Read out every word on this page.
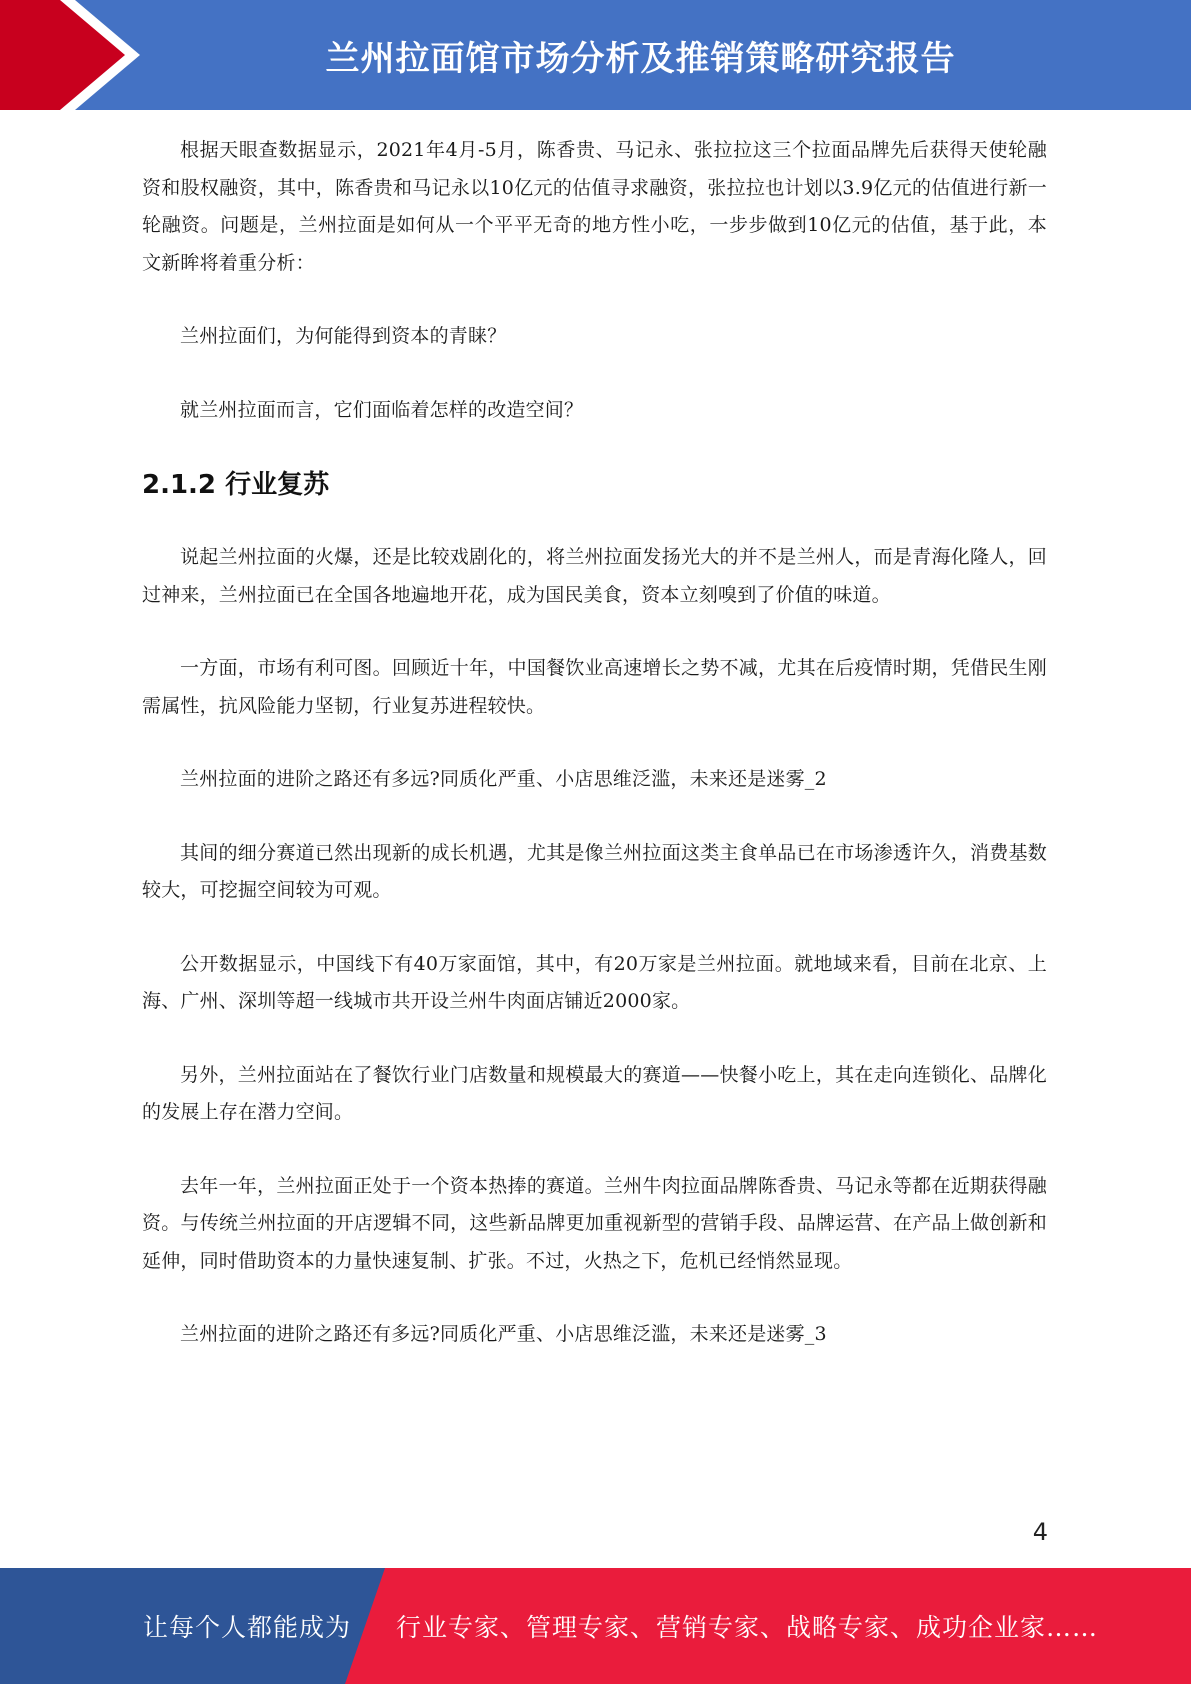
兰州拉面馆市场分析及推销策略研究报告

根据天眼查数据显示，2021年4月-5月，陈香贵、马记永、张拉拉这三个拉面品牌先后获得天使轮融资和股权融资，其中，陈香贵和马记永以10亿元的估值寻求融资，张拉拉也计划以3.9亿元的估值进行新一轮融资。问题是，兰州拉面是如何从一个平平无奇的地方性小吃，一步步做到10亿元的估值，基于此，本文新眸将着重分析：

兰州拉面们，为何能得到资本的青睐？

就兰州拉面而言，它们面临着怎样的改造空间？

2.1.2 行业复苏

说起兰州拉面的火爆，还是比较戏剧化的，将兰州拉面发扬光大的并不是兰州人，而是青海化隆人，回过神来，兰州拉面已在全国各地遍地开花，成为国民美食，资本立刻嗅到了价值的味道。

一方面，市场有利可图。回顾近十年，中国餐饮业高速增长之势不减，尤其在后疫情时期，凭借民生刚需属性，抗风险能力坚韧，行业复苏进程较快。

兰州拉面的进阶之路还有多远?同质化严重、小店思维泛滥，未来还是迷雾_2

其间的细分赛道已然出现新的成长机遇，尤其是像兰州拉面这类主食单品已在市场渗透许久，消费基数较大，可挖掘空间较为可观。

公开数据显示，中国线下有40万家面馆，其中，有20万家是兰州拉面。就地域来看，目前在北京、上海、广州、深圳等超一线城市共开设兰州牛肉面店铺近2000家。

另外，兰州拉面站在了餐饮行业门店数量和规模最大的赛道——快餐小吃上，其在走向连锁化、品牌化的发展上存在潜力空间。

去年一年，兰州拉面正处于一个资本热捧的赛道。兰州牛肉拉面品牌陈香贵、马记永等都在近期获得融资。与传统兰州拉面的开店逻辑不同，这些新品牌更加重视新型的营销手段、品牌运营、在产品上做创新和延伸，同时借助资本的力量快速复制、扩张。不过，火热之下，危机已经悄然显现。

兰州拉面的进阶之路还有多远?同质化严重、小店思维泛滥，未来还是迷雾_3

4
让每个人都能成为 行业专家、管理专家、营销专家、战略专家、成功企业家……
